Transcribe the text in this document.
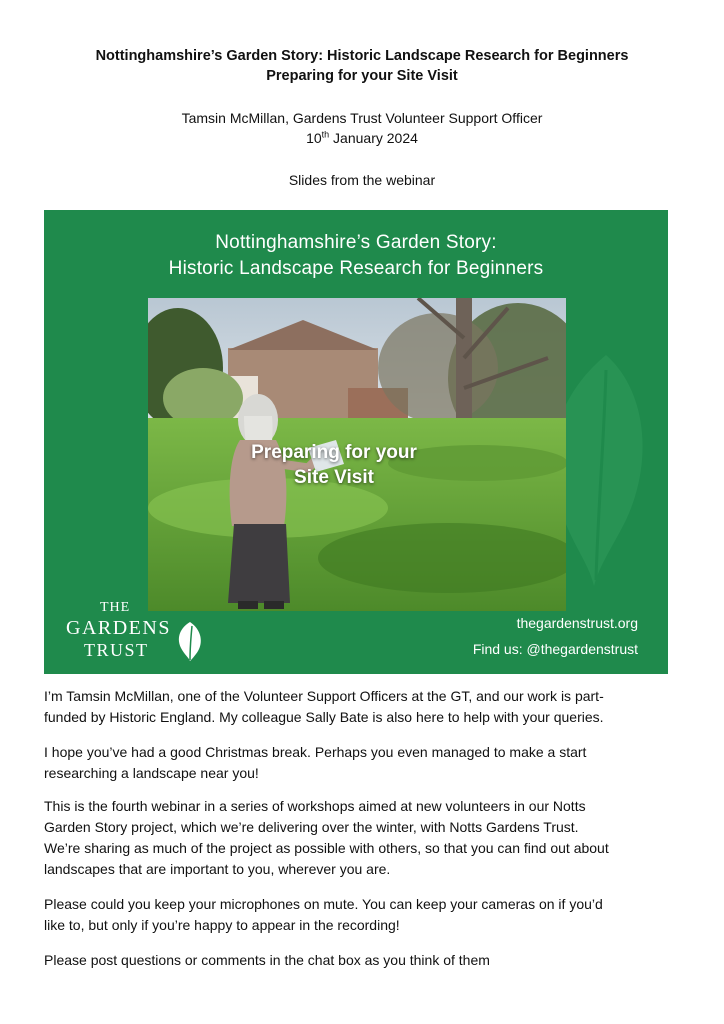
Nottinghamshire’s Garden Story: Historic Landscape Research for Beginners
Preparing for your Site Visit
Tamsin McMillan, Gardens Trust Volunteer Support Officer
10th January 2024
Slides from the webinar
Nottinghamshire’s Garden Story:
Historic Landscape Research for Beginners
Preparing for your
Site Visit
THE
GARDENS
TRUST
thegardenstrust.org
Find us: @thegardenstrust
I’m Tamsin McMillan, one of the Volunteer Support Officers at the GT, and our work is part-
funded by Historic England. My colleague Sally Bate is also here to help with your queries.
I hope you’ve had a good Christmas break. Perhaps you even managed to make a start
researching a landscape near you!
This is the fourth webinar in a series of workshops aimed at new volunteers in our Notts
Garden Story project, which we’re delivering over the winter, with Notts Gardens Trust.
We’re sharing as much of the project as possible with others, so that you can find out about
landscapes that are important to you, wherever you are.
Please could you keep your microphones on mute. You can keep your cameras on if you’d
like to, but only if you’re happy to appear in the recording!
Please post questions or comments in the chat box as you think of them
